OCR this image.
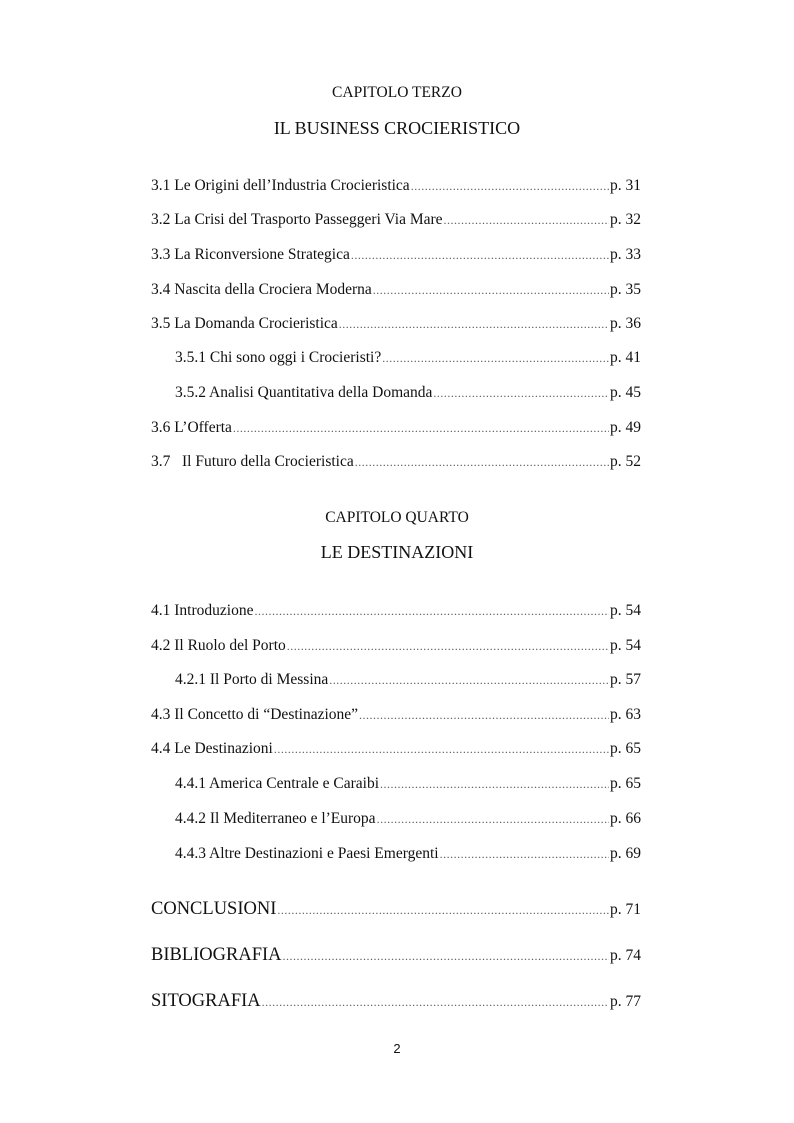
CAPITOLO TERZO
IL BUSINESS CROCIERISTICO
3.1 Le Origini dell’Industria Crocieristica .....	p. 31
3.2 La Crisi del Trasporto Passeggeri Via Mare .....	p. 32
3.3 La Riconversione Strategica .....	p. 33
3.4 Nascita della Crociera Moderna .....	p. 35
3.5 La Domanda Crocieristica .....	p. 36
3.5.1 Chi sono oggi i Crocieristi? .....	p. 41
3.5.2 Analisi Quantitativa della Domanda .....	p. 45
3.6 L’Offerta .....	p. 49
3.7   Il Futuro della Crocieristica .....	p. 52
CAPITOLO QUARTO
LE DESTINAZIONI
4.1 Introduzione .....	p. 54
4.2 Il Ruolo del Porto .....	p. 54
4.2.1 Il Porto di Messina .....	p. 57
4.3 Il Concetto di “Destinazione” .....	p. 63
4.4 Le Destinazioni .....	p. 65
4.4.1 America Centrale e Caraibi .....	p. 65
4.4.2 Il Mediterraneo e l’Europa .....	p. 66
4.4.3 Altre Destinazioni e Paesi Emergenti .....	p. 69
CONCLUSIONI .....	p. 71
BIBLIOGRAFIA .....	p. 74
SITOGRAFIA .....	p. 77
2
